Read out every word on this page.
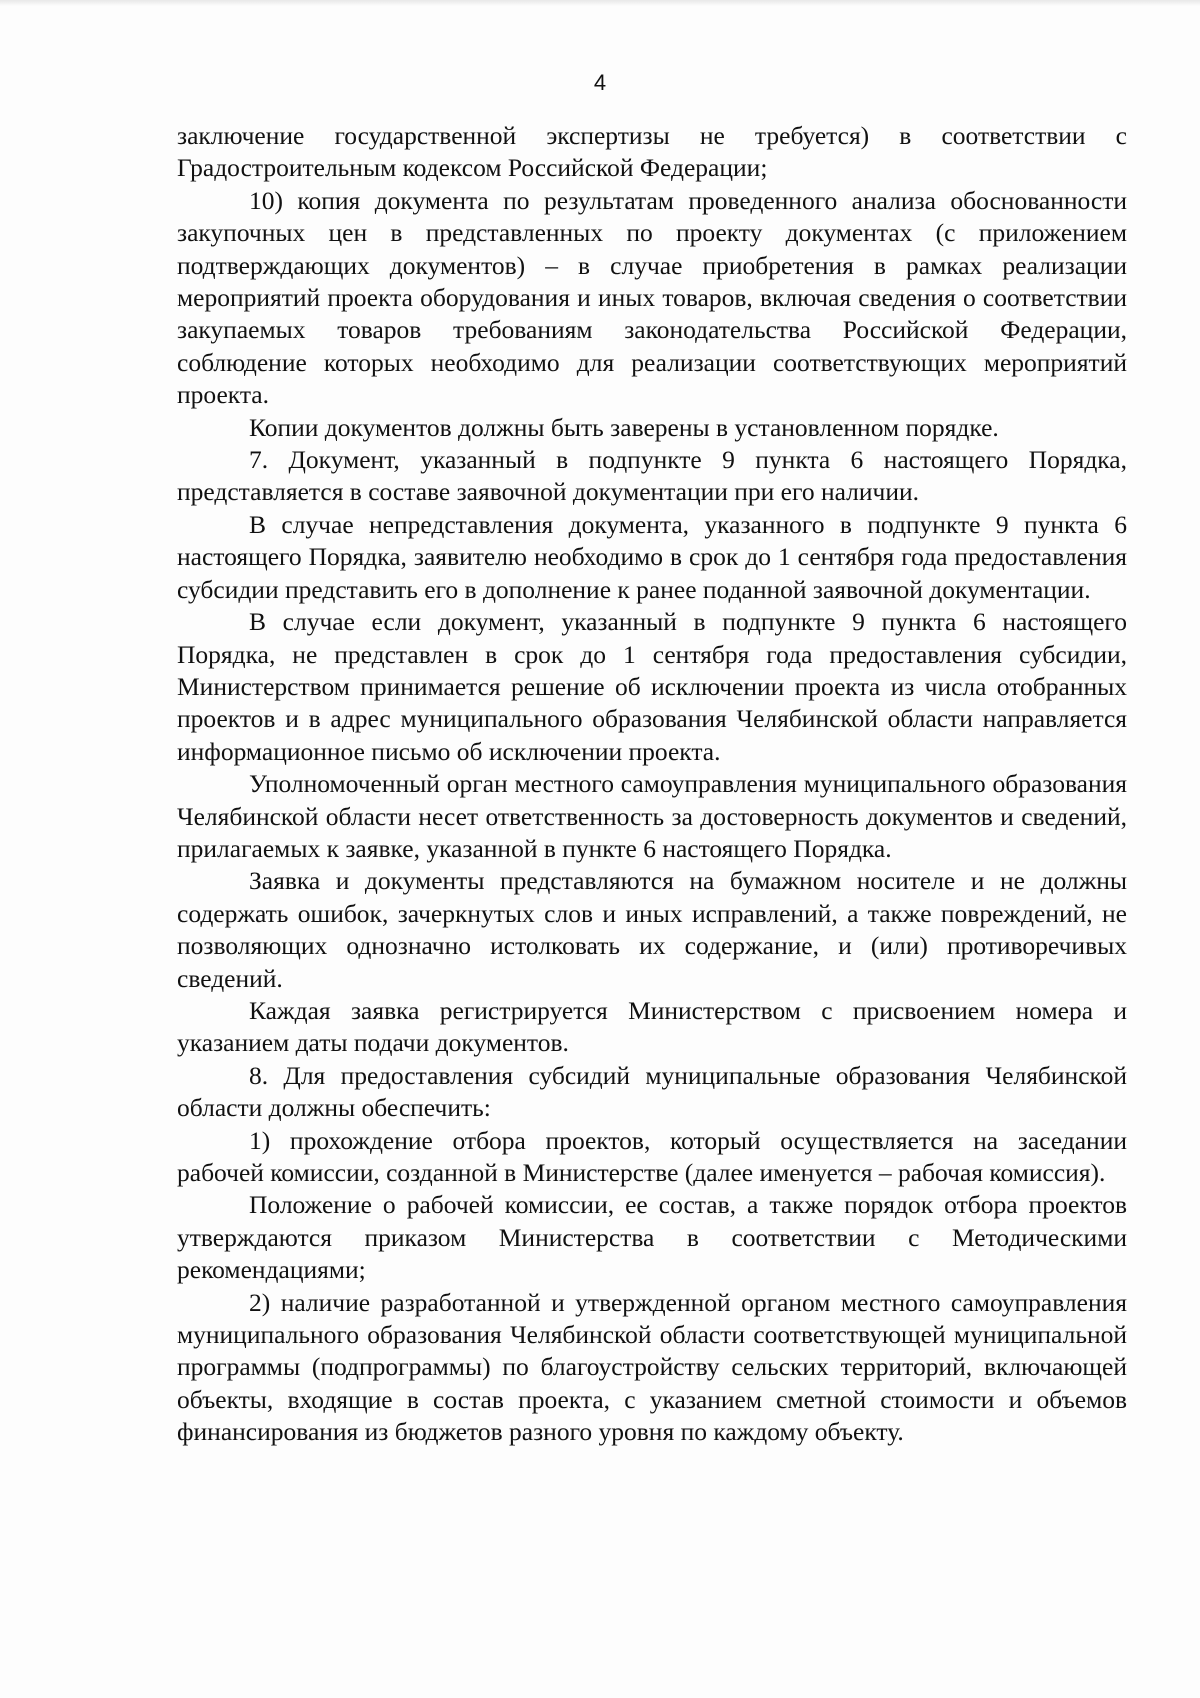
4

заключение государственной экспертизы не требуется) в соответствии с Градостроительным кодексом Российской Федерации;

10) копия документа по результатам проведенного анализа обоснованности закупочных цен в представленных по проекту документах (с приложением подтверждающих документов) – в случае приобретения в рамках реализации мероприятий проекта оборудования и иных товаров, включая сведения о соответствии закупаемых товаров требованиям законодательства Российской Федерации, соблюдение которых необходимо для реализации соответствующих мероприятий проекта.

Копии документов должны быть заверены в установленном порядке.

7. Документ, указанный в подпункте 9 пункта 6 настоящего Порядка, представляется в составе заявочной документации при его наличии.

В случае непредставления документа, указанного в подпункте 9 пункта 6 настоящего Порядка, заявителю необходимо в срок до 1 сентября года предоставления субсидии представить его в дополнение к ранее поданной заявочной документации.

В случае если документ, указанный в подпункте 9 пункта 6 настоящего Порядка, не представлен в срок до 1 сентября года предоставления субсидии, Министерством принимается решение об исключении проекта из числа отобранных проектов и в адрес муниципального образования Челябинской области направляется информационное письмо об исключении проекта.

Уполномоченный орган местного самоуправления муниципального образования Челябинской области несет ответственность за достоверность документов и сведений, прилагаемых к заявке, указанной в пункте 6 настоящего Порядка.

Заявка и документы представляются на бумажном носителе и не должны содержать ошибок, зачеркнутых слов и иных исправлений, а также повреждений, не позволяющих однозначно истолковать их содержание, и (или) противоречивых сведений.

Каждая заявка регистрируется Министерством с присвоением номера и указанием даты подачи документов.

8. Для предоставления субсидий муниципальные образования Челябинской области должны обеспечить:

1) прохождение отбора проектов, который осуществляется на заседании рабочей комиссии, созданной в Министерстве (далее именуется – рабочая комиссия).

Положение о рабочей комиссии, ее состав, а также порядок отбора проектов утверждаются приказом Министерства в соответствии с Методическими рекомендациями;

2) наличие разработанной и утвержденной органом местного самоуправления муниципального образования Челябинской области соответствующей муниципальной программы (подпрограммы) по благоустройству сельских территорий, включающей объекты, входящие в состав проекта, с указанием сметной стоимости и объемов финансирования из бюджетов разного уровня по каждому объекту.
